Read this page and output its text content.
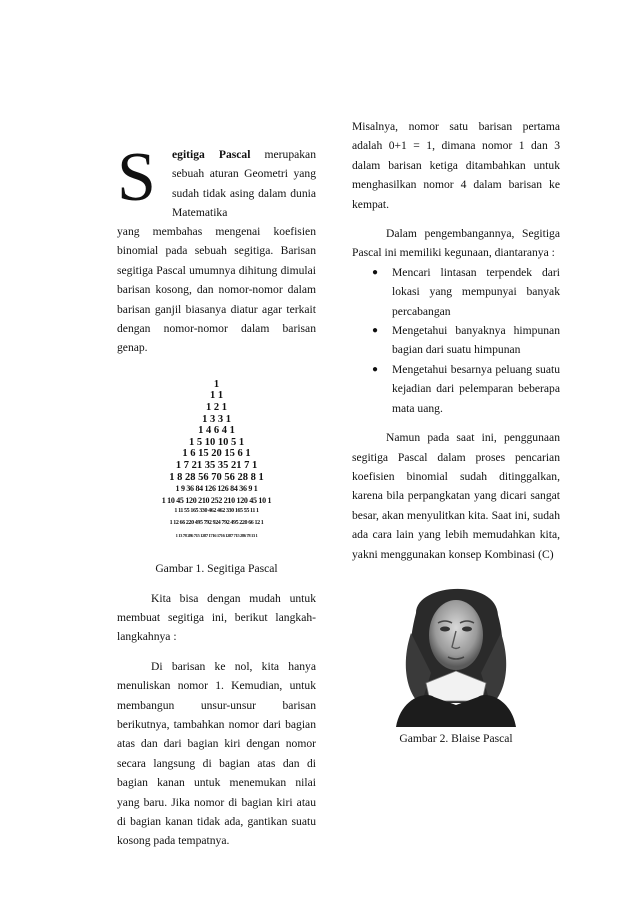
S egitiga Pascal merupakan sebuah aturan Geometri yang sudah tidak asing dalam dunia Matematika

yang membahas mengenai koefisien binomial pada sebuah segitiga. Barisan segitiga Pascal umumnya dihitung dimulai barisan kosong, dan nomor-nomor dalam barisan ganjil biasanya diatur agar terkait dengan nomor-nomor dalam barisan genap.

1
1 1
1 2 1
1 3 3 1
1 4 6 4 1
1 5 10 10 5 1
1 6 15 20 15 6 1
1 7 21 35 35 21 7 1
1 8 28 56 70 56 28 8 1
1 9 36 84 126 126 84 36 9 1
1 10 45 120 210 252 210 120 45 10 1
1 11 55 165 330 462 462 330 165 55 11 1
1 12 66 220 495 792 924 792 495 220 66 12 1
1 13 78 286 715 1287 1716 1716 1287 715 286 78 13 1

Gambar 1. Segitiga Pascal

Kita bisa dengan mudah untuk membuat segitiga ini, berikut langkah-langkahnya :

Di barisan ke nol, kita hanya menuliskan nomor 1. Kemudian, untuk membangun unsur-unsur barisan berikutnya, tambahkan nomor dari bagian atas dan dari bagian kiri dengan nomor secara langsung di bagian atas dan di bagian kanan untuk menemukan nilai yang baru. Jika nomor di bagian kiri atau di bagian kanan tidak ada, gantikan suatu kosong pada tempatnya.

Misalnya, nomor satu barisan pertama adalah 0+1 = 1, dimana nomor 1 dan 3 dalam barisan ketiga ditambahkan untuk menghasilkan nomor 4 dalam barisan ke kempat.

Dalam pengembangannya, Segitiga Pascal ini memiliki kegunaan, diantaranya :

● Mencari lintasan terpendek dari lokasi yang mempunyai banyak percabangan
● Mengetahui banyaknya himpunan bagian dari suatu himpunan
● Mengetahui besarnya peluang suatu kejadian dari pelemparan beberapa mata uang.

Namun pada saat ini, penggunaan segitiga Pascal dalam proses pencarian koefisien binomial sudah ditinggalkan, karena bila perpangkatan yang dicari sangat besar, akan menyulitkan kita. Saat ini, sudah ada cara lain yang lebih memudahkan kita, yakni menggunakan konsep Kombinasi (C)

Gambar 2. Blaise Pascal
